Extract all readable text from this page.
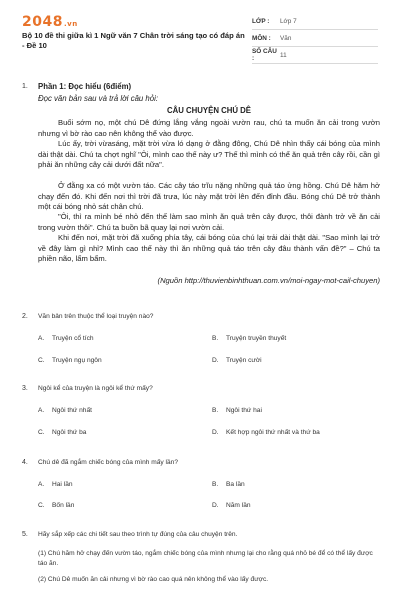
2048.vn
Bộ 10 đề thi giữa kì 1 Ngữ văn 7 Chân trời sáng tạo có đáp án - Đề 10
LỚP :	Lớp 7
MÔN :	Văn
SỐ CÂU :	11
1. Phần 1: Đọc hiểu (6điểm)
Đọc văn bản sau và trả lời câu hỏi:
CÂU CHUYỆN CHÚ DÊ
Buổi sớm nọ, một chú Dê đứng lắng vắng ngoài vườn rau, chú ta muốn ăn cải trong vườn nhưng vì bờ rào cao nên không thể vào được.
Lúc ấy, trời vừasáng, mặt trời vừa ló dạng ở đằng đông, Chú Dê nhìn thấy cái bóng của mình dài thật dài. Chú ta chợt nghĩ "Ôi, mình cao thế này ư? Thế thì mình có thể ăn quả trên cây rồi, cần gì phải ăn những cây cải dưới đất nữa".
Ở đằng xa có một vườn táo. Các cây táo trĩu nặng những quả táo ửng hồng. Chú Dê hăm hở chạy đến đó. Khi đến nơi thì trời đã trưa, lúc này mặt trời lên đến đỉnh đầu. Bóng chú Dê trở thành một cái bóng nhỏ sát chân chú.
"Ôi, thì ra mình bé nhỏ đến thế làm sao mình ăn quả trên cây được, thôi đành trở về ăn cải trong vườn thôi". Chú ta buồn bã quay lại nơi vườn cải.
Khi đến nơi, mặt trời đã xuống phía tây, cái bóng của chú lại trải dài thật dài. "Sao mình lại trở về đây làm gì nhỉ? Mình cao thế này thì ăn những quả táo trên cây đâu thành vấn đề?" – Chú ta phiền não, lẩm bẩm.
(Nguồn http://thuvienbinhthuan.com.vn/moi-ngay-mot-cail-chuyen)
2. Văn bản trên thuộc thể loại truyện nào?
A. Truyện cổ tích	B. Truyện truyền thuyết
C. Truyện ngụ ngôn	D. Truyện cười
3. Ngôi kể của truyện là ngôi kể thứ mấy?
A. Ngôi thứ nhất	B. Ngôi thứ hai
C. Ngôi thứ ba	D. Kết hợp ngôi thứ nhất và thứ ba
4. Chú dê đã ngắm chiếc bóng của mình mấy lần?
A. Hai lần	B. Ba lần
C. Bốn lần	D. Năm lần
5. Hãy sắp xếp các chi tiết sau theo trình tự đúng của câu chuyện trên.
(1) Chú hăm hở chạy đến vườn táo, ngắm chiếc bóng của mình nhưng lại cho rằng quá nhỏ bé để có thể lấy được táo ăn.
(2) Chú Dê muốn ăn cải nhưng vì bờ rào cao quá nên không thể vào lấy được.
